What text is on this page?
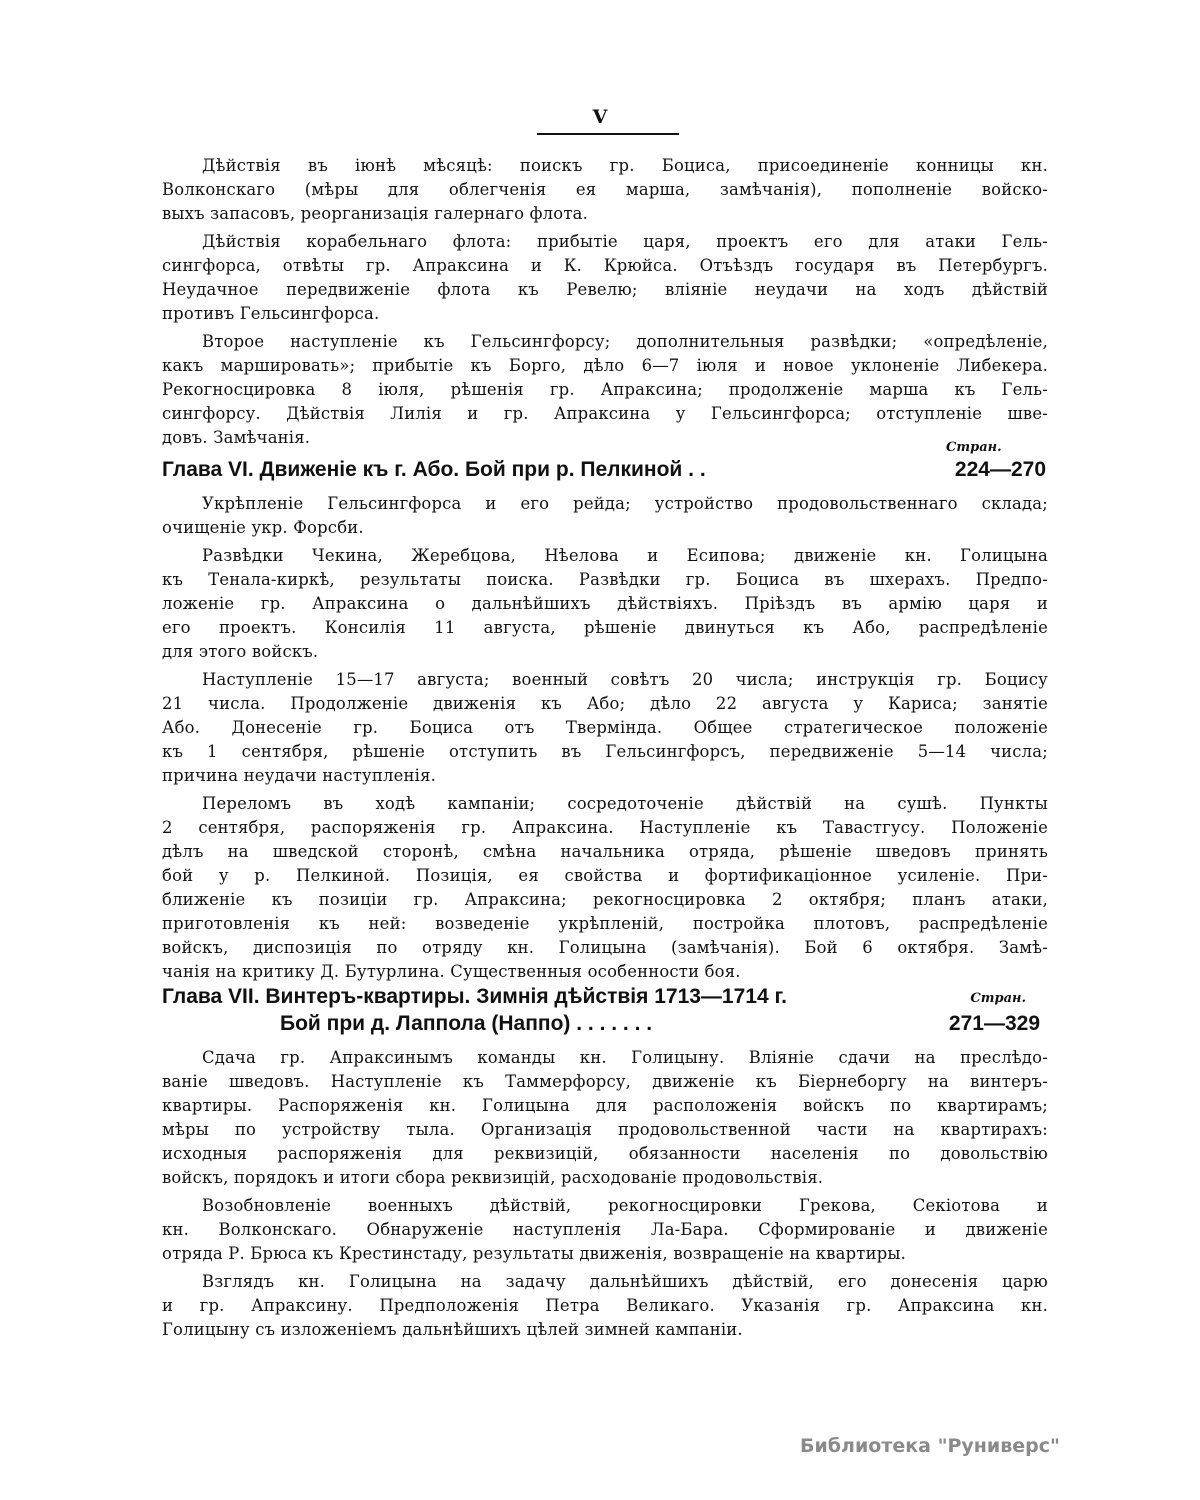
V
Дѣйствія въ іюнѣ мѣсяцѣ: поискъ гр. Боциса, присоединеніе конницы кн.
Волконскаго (мѣры для облегченія ея марша, замѣчанія), пополненіе войско-
выхъ запасовъ, реорганизація галернаго флота.
Дѣйствія корабельнаго флота: прибытіе царя, проектъ его для атаки Гель-
сингфорса, отвѣты гр. Апраксина и К. Крюйса. Отъѣздъ государя въ Петербургъ.
Неудачное передвиженіе флота къ Ревелю; вліяніе неудачи на ходъ дѣйствій
противъ Гельсингфорса.
Второе наступленіе къ Гельсингфорсу; дополнительныя развѣдки; «опредѣленіе,
какъ маршировать»; прибытіе къ Борго, дѣло 6—7 іюля и новое уклоненіе Либекера.
Рекогносцировка 8 іюля, рѣшенія гр. Апраксина; продолженіе марша къ Гель-
сингфорсу. Дѣйствія Лилія и гр. Апраксина у Гельсингфорса; отступленіе шве-
довъ. Замѣчанія.
Стран.
Глава VI. Движеніе къ г. Або. Бой при р. Пелкиной . .	224—270
Укрѣпленіе Гельсингфорса и его рейда; устройство продовольственнаго склада;
очищеніе укр. Форсби.
Развѣдки Чекина, Жеребцова, Нѣелова и Есипова; движеніе кн. Голицына
къ Тенала-киркѣ, результаты поиска. Развѣдки гр. Боциса въ шхерахъ. Предпо-
ложеніе гр. Апраксина о дальнѣйшихъ дѣйствіяхъ. Пріѣздъ въ армію царя и
его проектъ. Консилія 11 августа, рѣшеніе двинуться къ Або, распредѣленіе
для этого войскъ.
Наступленіе 15—17 августа; военный совѣтъ 20 числа; инструкція гр. Боцису
21 числа. Продолженіе движенія къ Або; дѣло 22 августа у Кариса; занятіе
Або. Донесеніе гр. Боциса отъ Твермінда. Общее стратегическое положеніе
къ 1 сентября, рѣшеніе отступить въ Гельсингфорсъ, передвиженіе 5—14 числа;
причина неудачи наступленія.
Переломъ въ ходѣ кампаніи; сосредоточеніе дѣйствій на сушѣ. Пункты
2 сентября, распоряженія гр. Апраксина. Наступленіе къ Тавастгусу. Положеніе
дѣлъ на шведской сторонѣ, смѣна начальника отряда, рѣшеніе шведовъ принять
бой у р. Пелкиной. Позиція, ея свойства и фортификаціонное усиленіе. При-
ближеніе къ позиціи гр. Апраксина; рекогносцировка 2 октября; планъ атаки,
приготовленія къ ней: возведеніе укрѣпленій, постройка плотовъ, распредѣленіе
войскъ, диспозиція по отряду кн. Голицына (замѣчанія). Бой 6 октября. Замѣ-
чанія на критику Д. Бутурлина. Существенныя особенности боя.
Глава VII. Винтеръ-квартиры. Зимнія дѣйствія 1713—1714 г.	Стран.
Бой при д. Лаппола (Наппо) . . . . . . .	271—329
Сдача гр. Апраксинымъ команды кн. Голицыну. Вліяніе сдачи на преслѣдо-
ваніе шведовъ. Наступленіе къ Таммерфорсу, движеніе къ Біернеборгу на винтеръ-
квартиры. Распоряженія кн. Голицына для расположенія войскъ по квартирамъ;
мѣры по устройству тыла. Организація продовольственной части на квартирахъ:
исходныя распоряженія для реквизицій, обязанности населенія по довольствію
войскъ, порядокъ и итоги сбора реквизицій, расходованіе продовольствія.
Возобновленіе военныхъ дѣйствій, рекогносцировки Грекова, Секіотова и
кн. Волконскаго. Обнаруженіе наступленія Ла-Бара. Сформированіе и движеніе
отряда Р. Брюса къ Крестинстаду, результаты движенія, возвращеніе на квартиры.
Взглядъ кн. Голицына на задачу дальнѣйшихъ дѣйствій, его донесенія царю
и гр. Апраксину. Предположенія Петра Великаго. Указанія гр. Апраксина кн.
Голицыну съ изложеніемъ дальнѣйшихъ цѣлей зимней кампаніи.
Библиотека "Руниверс"
